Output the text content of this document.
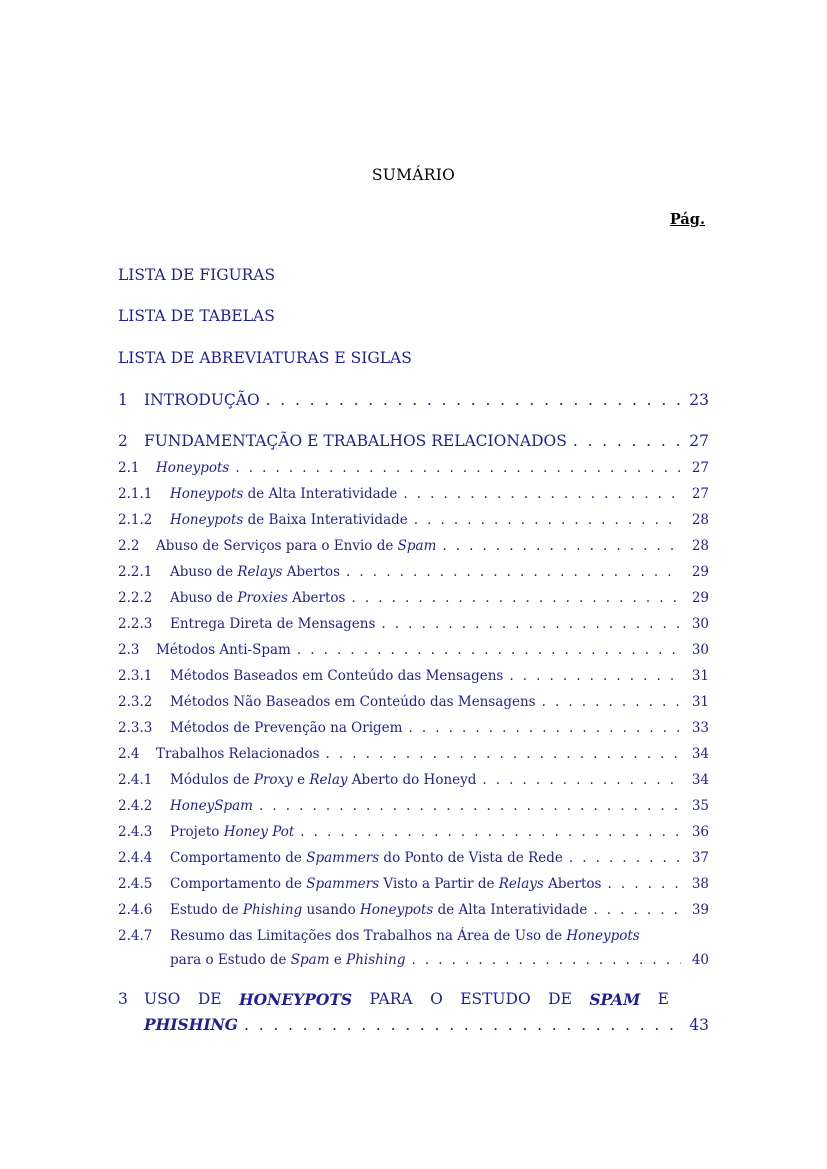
SUMÁRIO
Pág.
LISTA DE FIGURAS
LISTA DE TABELAS
LISTA DE ABREVIATURAS E SIGLAS
1	INTRODUÇÃO . . .	23
2	FUNDAMENTAÇÃO E TRABALHOS RELACIONADOS . . .	27
2.1	Honeypots . . .	27
2.1.1	Honeypots de Alta Interatividade . . .	27
2.1.2	Honeypots de Baixa Interatividade . . .	28
2.2	Abuso de Serviços para o Envio de Spam . . .	28
2.2.1	Abuso de Relays Abertos . . .	29
2.2.2	Abuso de Proxies Abertos . . .	29
2.2.3	Entrega Direta de Mensagens . . .	30
2.3	Métodos Anti-Spam . . .	30
2.3.1	Métodos Baseados em Conteúdo das Mensagens . . .	31
2.3.2	Métodos Não Baseados em Conteúdo das Mensagens . . .	31
2.3.3	Métodos de Prevenção na Origem . . .	33
2.4	Trabalhos Relacionados . . .	34
2.4.1	Módulos de Proxy e Relay Aberto do Honeyd . . .	34
2.4.2	HoneySpam . . .	35
2.4.3	Projeto Honey Pot . . .	36
2.4.4	Comportamento de Spammers do Ponto de Vista de Rede . . .	37
2.4.5	Comportamento de Spammers Visto a Partir de Relays Abertos . . .	38
2.4.6	Estudo de Phishing usando Honeypots de Alta Interatividade . . .	39
2.4.7 Resumo das Limitações dos Trabalhos na Área de Uso de Honeypots
para o Estudo de Spam e Phishing . . .	40
3	USO DE HONEYPOTS PARA O ESTUDO DE SPAM E
PHISHING . . .	43
